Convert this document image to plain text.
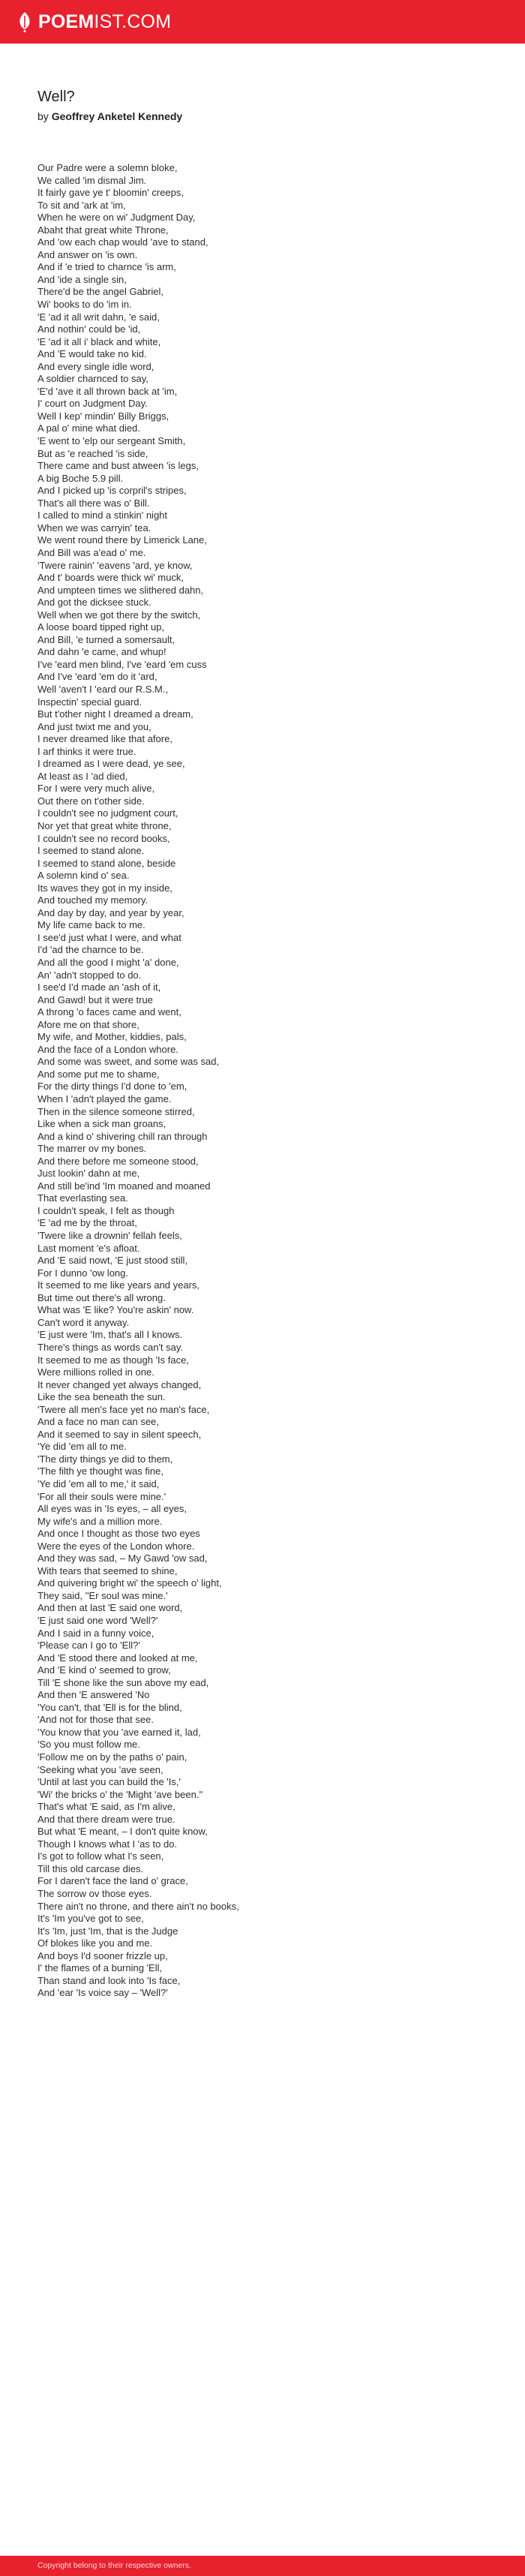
POEMIST.COM
Well?
by Geoffrey Anketel Kennedy
Our Padre were a solemn bloke,
We called 'im dismal Jim.
It fairly gave ye t' bloomin' creeps,
To sit and 'ark at 'im,
When he were on wi' Judgment Day,
Abaht that great white Throne,
And 'ow each chap would 'ave to stand,
And answer on 'is own.
And if 'e tried to charnce 'is arm,
And 'ide a single sin,
There'd be the angel Gabriel,
Wi' books to do 'im in.
'E 'ad it all writ dahn, 'e said,
And nothin' could be 'id,
'E 'ad it all i' black and white,
And 'E would take no kid.
And every single idle word,
A soldier charnced to say,
'E'd 'ave it all thrown back at 'im,
I' court on Judgment Day.
Well I kep' mindin' Billy Briggs,
A pal o' mine what died.
'E went to 'elp our sergeant Smith,
But as 'e reached 'is side,
There came and bust atween 'is legs,
A big Boche 5.9 pill.
And I picked up 'is corpril's stripes,
That's all there was o' Bill.
I called to mind a stinkin' night
When we was carryin' tea.
We went round there by Limerick Lane,
And Bill was a'ead o' me.
'Twere rainin' 'eavens 'ard, ye know,
And t' boards were thick wi' muck,
And umpteen times we slithered dahn,
And got the dicksee stuck.
Well when we got there by the switch,
A loose board tipped right up,
And Bill, 'e turned a somersault,
And dahn 'e came, and whup!
I've 'eard men blind, I've 'eard 'em cuss
And I've 'eard 'em do it 'ard,
Well 'aven't I 'eard our R.S.M.,
Inspectin' special guard.
But t'other night I dreamed a dream,
And just twixt me and you,
I never dreamed like that afore,
I arf thinks it were true.
I dreamed as I were dead, ye see,
At least as I 'ad died,
For I were very much alive,
Out there on t'other side.
I couldn't see no judgment court,
Nor yet that great white throne,
I couldn't see no record books,
I seemed to stand alone.
I seemed to stand alone, beside
A solemn kind o' sea.
Its waves they got in my inside,
And touched my memory.
And day by day, and year by year,
My life came back to me.
I see'd just what I were, and what
I'd 'ad the charnce to be.
And all the good I might 'a' done,
An' 'adn't stopped to do.
I see'd I'd made an 'ash of it,
And Gawd! but it were true
A throng 'o faces came and went,
Afore me on that shore,
My wife, and Mother, kiddies, pals,
And the face of a London whore.
And some was sweet, and some was sad,
And some put me to shame,
For the dirty things I'd done to 'em,
When I 'adn't played the game.
Then in the silence someone stirred,
Like when a sick man groans,
And a kind o' shivering chill ran through
The marrer ov my bones.
And there before me someone stood,
Just lookin' dahn at me,
And still be'ind 'Im moaned and moaned
That everlasting sea.
I couldn't speak, I felt as though
'E 'ad me by the throat,
'Twere like a drownin' fellah feels,
Last moment 'e's afloat.
And 'E said nowt, 'E just stood still,
For I dunno 'ow long.
It seemed to me like years and years,
But time out there's all wrong.
What was 'E like? You're askin' now.
Can't word it anyway.
'E just were 'Im, that's all I knows.
There's things as words can't say.
It seemed to me as though 'Is face,
Were millions rolled in one.
It never changed yet always changed,
Like the sea beneath the sun.
'Twere all men's face yet no man's face,
And a face no man can see,
And it seemed to say in silent speech,
'Ye did 'em all to me.
'The dirty things ye did to them,
'The filth ye thought was fine,
'Ye did 'em all to me,' it said,
'For all their souls were mine.'
All eyes was in 'Is eyes, – all eyes,
My wife's and a million more.
And once I thought as those two eyes
Were the eyes of the London whore.
And they was sad, – My Gawd 'ow sad,
With tears that seemed to shine,
And quivering bright wi' the speech o' light,
They said, ''Er soul was mine.'
And then at last 'E said one word,
'E just said one word 'Well?'
And I said in a funny voice,
'Please can I go to 'Ell?'
And 'E stood there and looked at me,
And 'E kind o' seemed to grow,
Till 'E shone like the sun above my ead,
And then 'E answered 'No
'You can't, that 'Ell is for the blind,
'And not for those that see.
'You know that you 'ave earned it, lad,
'So you must follow me.
'Follow me on by the paths o' pain,
'Seeking what you 'ave seen,
'Until at last you can build the 'Is,'
'Wi' the bricks o' the 'Might 'ave been.''
That's what 'E said, as I'm alive,
And that there dream were true.
But what 'E meant, – I don't quite know,
Though I knows what I 'as to do.
I's got to follow what I's seen,
Till this old carcase dies.
For I daren't face the land o' grace,
The sorrow ov those eyes.
There ain't no throne, and there ain't no books,
It's 'Im you've got to see,
It's 'Im, just 'Im, that is the Judge
Of blokes like you and me.
And boys I'd sooner frizzle up,
I' the flames of a burning 'Ell,
Than stand and look into 'Is face,
And 'ear 'Is voice say – 'Well?'
Copyright belong to their respective owners.
